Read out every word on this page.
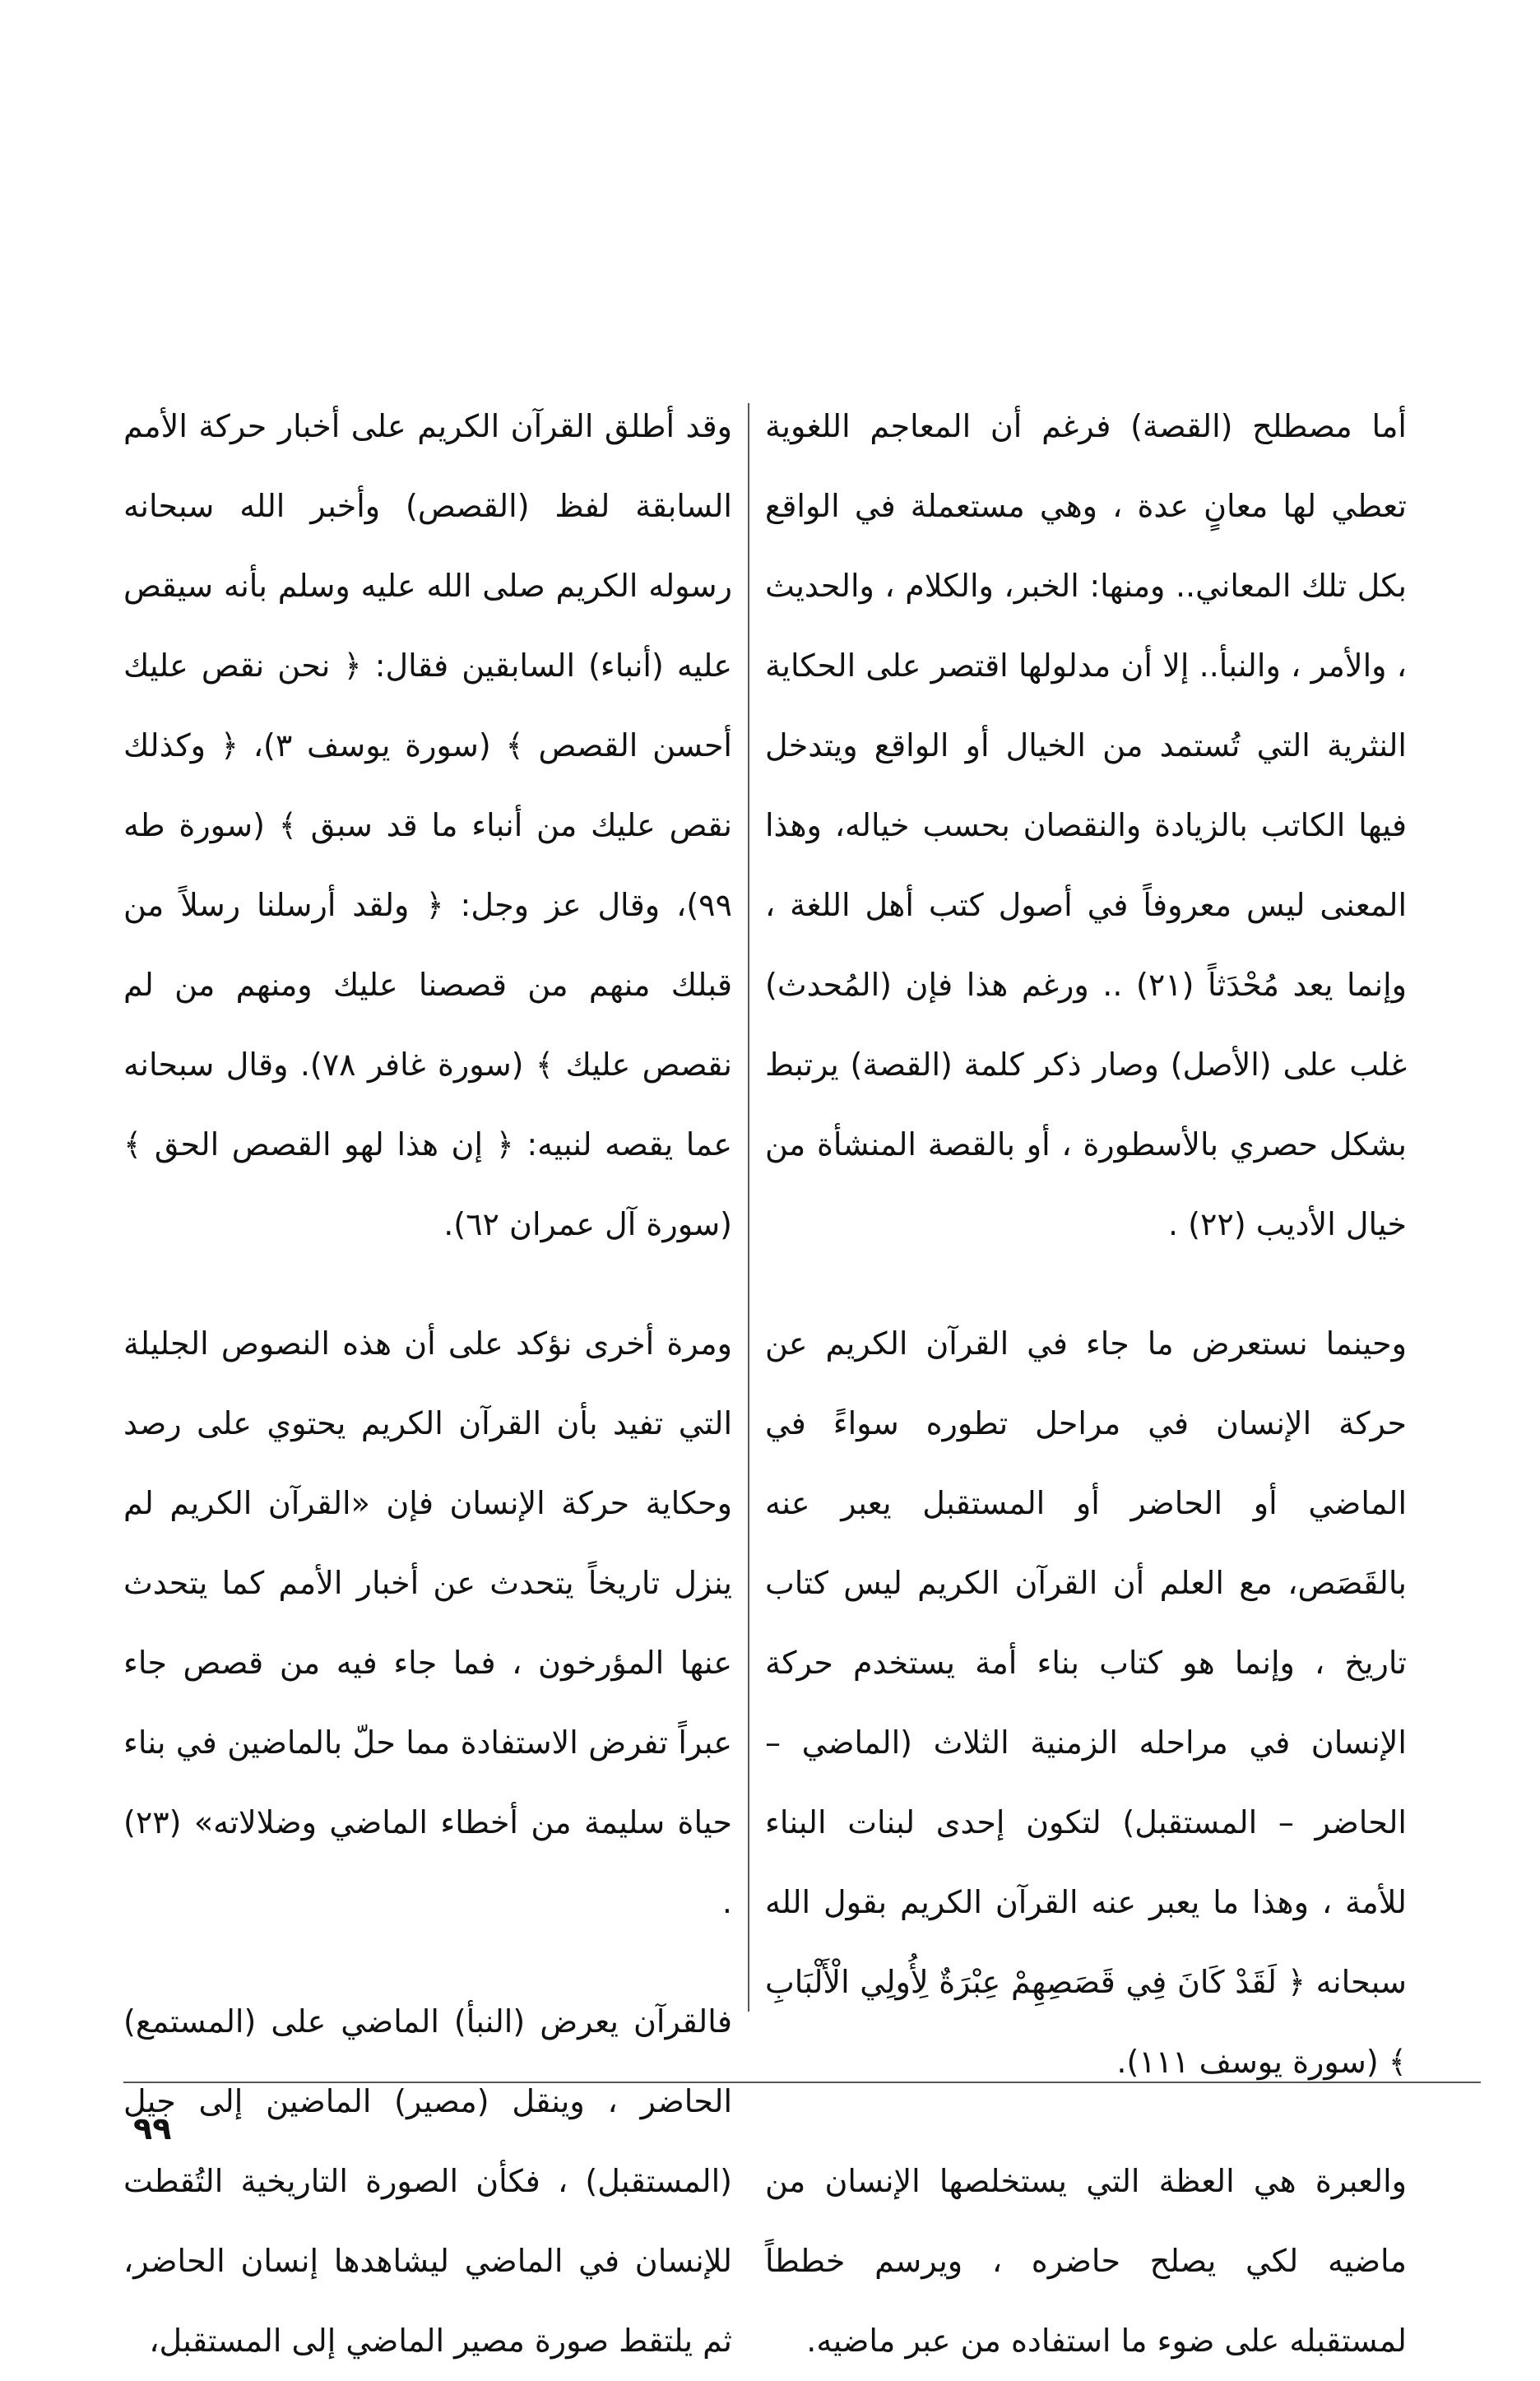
أما مصطلح (القصة) فرغم أن المعاجم اللغوية تعطي لها معانٍ عدة ، وهي مستعملة في الواقع بكل تلك المعاني.. ومنها: الخبر، والكلام ، والحديث ، والأمر ، والنبأ.. إلا أن مدلولها اقتصر على الحكاية النثرية التي تُستمد من الخيال أو الواقع ويتدخل فيها الكاتب بالزيادة والنقصان بحسب خياله، وهذا المعنى ليس معروفاً في أصول كتب أهل اللغة ، وإنما يعد مُحْدَثاً (٢١) .. ورغم هذا فإن (المُحدث) غلب على (الأصل) وصار ذكر كلمة (القصة) يرتبط بشكل حصري بالأسطورة ، أو بالقصة المنشأة من خيال الأديب (٢٢) .

وحينما نستعرض ما جاء في القرآن الكريم عن حركة الإنسان في مراحل تطوره سواءً في الماضي أو الحاضر أو المستقبل يعبر عنه بالقَصَص، مع العلم أن القرآن الكريم ليس كتاب تاريخ ، وإنما هو كتاب بناء أمة يستخدم حركة الإنسان في مراحله الزمنية الثلاث (الماضي – الحاضر – المستقبل) لتكون إحدى لبنات البناء للأمة ، وهذا ما يعبر عنه القرآن الكريم بقول الله سبحانه ﴿ لَقَدْ كَانَ فِي قَصَصِهِمْ عِبْرَةٌ لِأُولِي الْأَلْبَابِ ﴾ (سورة يوسف ١١١).

والعبرة هي العظة التي يستخلصها الإنسان من ماضيه لكي يصلح حاضره ، ويرسم خططاً لمستقبله على ضوء ما استفاده من عبر ماضيه.

وقد أطلق القرآن الكريم على أخبار حركة الأمم السابقة لفظ (القصص) وأخبر الله سبحانه رسوله الكريم صلى الله عليه وسلم بأنه سيقص عليه (أنباء) السابقين فقال: ﴿ نحن نقص عليك أحسن القصص ﴾ (سورة يوسف ٣)، ﴿ وكذلك نقص عليك من أنباء ما قد سبق ﴾ (سورة طه ٩٩)، وقال عز وجل: ﴿ ولقد أرسلنا رسلاً من قبلك منهم من قصصنا عليك ومنهم من لم نقصص عليك ﴾ (سورة غافر ٧٨). وقال سبحانه عما يقصه لنبيه: ﴿ إن هذا لهو القصص الحق ﴾ (سورة آل عمران ٦٢).

ومرة أخرى نؤكد على أن هذه النصوص الجليلة التي تفيد بأن القرآن الكريم يحتوي على رصد وحكاية حركة الإنسان فإن «القرآن الكريم لم ينزل تاريخاً يتحدث عن أخبار الأمم كما يتحدث عنها المؤرخون ، فما جاء فيه من قصص جاء عبراً تفرض الاستفادة مما حلّ بالماضين في بناء حياة سليمة من أخطاء الماضي وضلالاته» (٢٣) .

فالقرآن يعرض (النبأ) الماضي على (المستمع) الحاضر ، وينقل (مصير) الماضين إلى جيل (المستقبل) ، فكأن الصورة التاريخية التُقطت للإنسان في الماضي ليشاهدها إنسان الحاضر، ثم يلتقط صورة مصير الماضي إلى المستقبل،

٩٩
